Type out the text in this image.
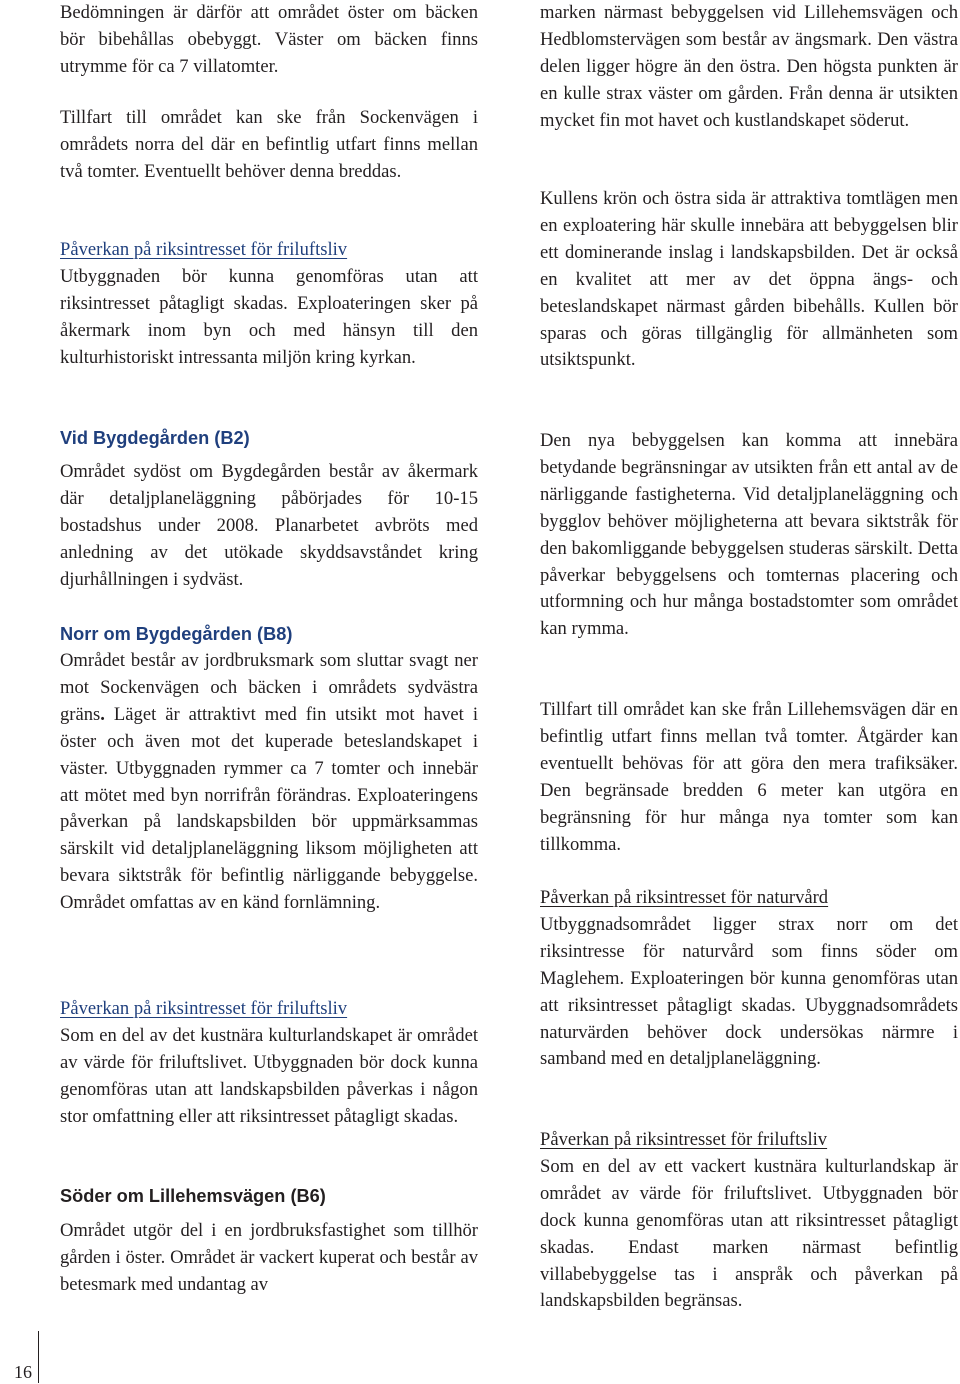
Bedömningen är därför att området öster om bäcken bör bibehållas obebyggt. Väster om bäcken finns utrymme för ca 7 villatomter.

Tillfart till området kan ske från Sockenvägen i områdets norra del där en befintlig utfart finns mellan två tomter. Eventuellt behöver denna breddas.

Påverkan på riksintresset för friluftsliv
Utbyggnaden bör kunna genomföras utan att riksintresset påtagligt skadas. Exploateringen sker på åkermark inom byn och med hänsyn till den kulturhistoriskt intressanta miljön kring kyrkan.
Vid Bygdegården (B2)

Området sydöst om Bygdegården består av åkermark där detaljplaneläggning påbörjades för 10-15 bostadshus under 2008. Planarbetet avbröts med anledning av det utökade skyddsavståndet kring djurhållningen i sydväst.

Norr om Bygdegården (B8)

Området består av jordbruksmark som sluttar svagt ner mot Sockenvägen och bäcken i områdets sydvästra gräns. Läget är attraktivt med fin utsikt mot havet i öster och även mot det kuperade beteslandskapet i väster. Utbyggnaden rymmer ca 7 tomter och innebär att mötet med byn norrifrån förändras. Exploateringens påverkan på landskapsbilden bör uppmärksammas särskilt vid detaljplaneläggning liksom möjligheten att bevara siktstråk för befintlig närliggande bebyggelse. Området omfattas av en känd fornlämning.

Påverkan på riksintresset för friluftsliv
Som en del av det kustnära kulturlandskapet är området av värde för friluftslivet. Utbyggnaden bör dock kunna genomföras utan att landskapsbilden påverkas i någon stor omfattning eller att riksintresset påtagligt skadas.
Söder om Lillehemsvägen (B6)

Området utgör del i en jordbruksfastighet som tillhör gården i öster. Området är vackert kuperat och består av betesmark med undantag av

marken närmast bebyggelsen vid Lillehemsvägen och Hedblomstervägen som består av ängsmark. Den västra delen ligger högre än den östra. Den högsta punkten är en kulle strax väster om gården. Från denna är utsikten mycket fin mot havet och kustlandskapet söderut.

Kullens krön och östra sida är attraktiva tomtlägen men en exploatering här skulle innebära att bebyggelsen blir ett dominerande inslag i landskapsbilden. Det är också en kvalitet att mer av det öppna ängs- och beteslandskapet närmast gården bibehålls. Kullen bör sparas och göras tillgänglig för allmänheten som utsiktspunkt.

Den nya bebyggelsen kan komma att innebära betydande begränsningar av utsikten från ett antal av de närliggande fastigheterna. Vid detaljplaneläggning och bygglov behöver möjligheterna att bevara siktstråk för den bakomliggande bebyggelsen studeras särskilt. Detta påverkar bebyggelsens och tomternas placering och utformning och hur många bostadstomter som området kan rymma.

Tillfart till området kan ske från Lillehemsvägen där en befintlig utfart finns mellan två tomter. Åtgärder kan eventuellt behövas för att göra den mera trafiksäker. Den begränsade bredden 6 meter kan utgöra en begränsning för hur många nya tomter som kan tillkomma.

Påverkan på riksintresset för naturvård
Utbyggnadsområdet ligger strax norr om det riksintresse för naturvård som finns söder om Maglehem. Exploateringen bör kunna genomföras utan att riksintresset påtagligt skadas. Ubyggnadsområdets naturvärden behöver dock undersökas närmre i samband med en detaljplaneläggning.
Påverkan på riksintresset för friluftsliv
Som en del av ett vackert kustnära kulturlandskap är området av värde för friluftslivet. Utbyggnaden bör dock kunna genomföras utan att riksintresset påtagligt skadas. Endast marken närmast befintlig villabebyggelse tas i anspråk och påverkan på landskapsbilden begränsas.
16
